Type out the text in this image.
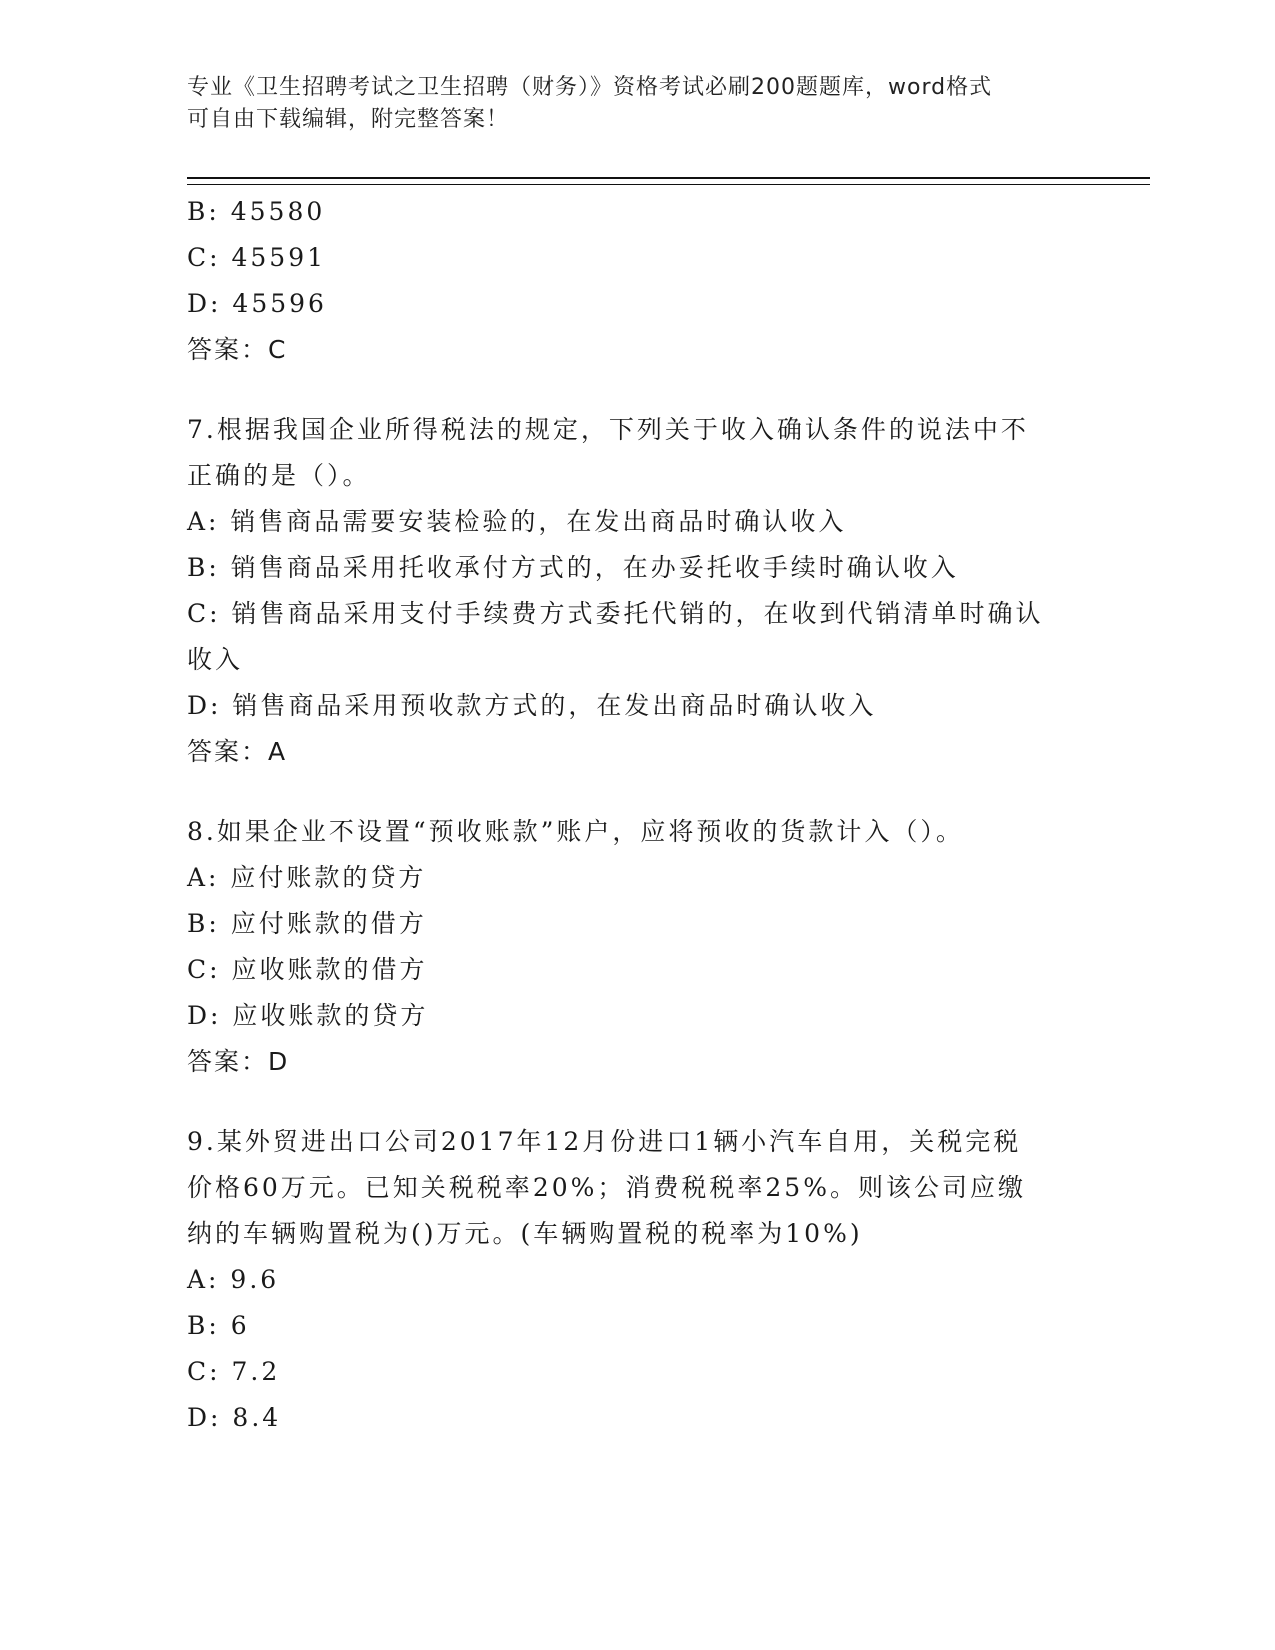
专业《卫生招聘考试之卫生招聘（财务）》资格考试必刷200题题库，word格式
可自由下载编辑，附完整答案！
B: 45580
C: 45591
D: 45596
答案：C
7.根据我国企业所得税法的规定，下列关于收入确认条件的说法中不
正确的是（）。
A: 销售商品需要安装检验的，在发出商品时确认收入
B: 销售商品采用托收承付方式的，在办妥托收手续时确认收入
C: 销售商品采用支付手续费方式委托代销的，在收到代销清单时确认
收入
D: 销售商品采用预收款方式的，在发出商品时确认收入
答案：A
8.如果企业不设置“预收账款”账户，应将预收的货款计入（）。
A: 应付账款的贷方
B: 应付账款的借方
C: 应收账款的借方
D: 应收账款的贷方
答案：D
9.某外贸进出口公司2017年12月份进口1辆小汽车自用，关税完税
价格60万元。已知关税税率20%；消费税税率25%。则该公司应缴
纳的车辆购置税为()万元。(车辆购置税的税率为10%)
A: 9.6
B: 6
C: 7.2
D: 8.4
